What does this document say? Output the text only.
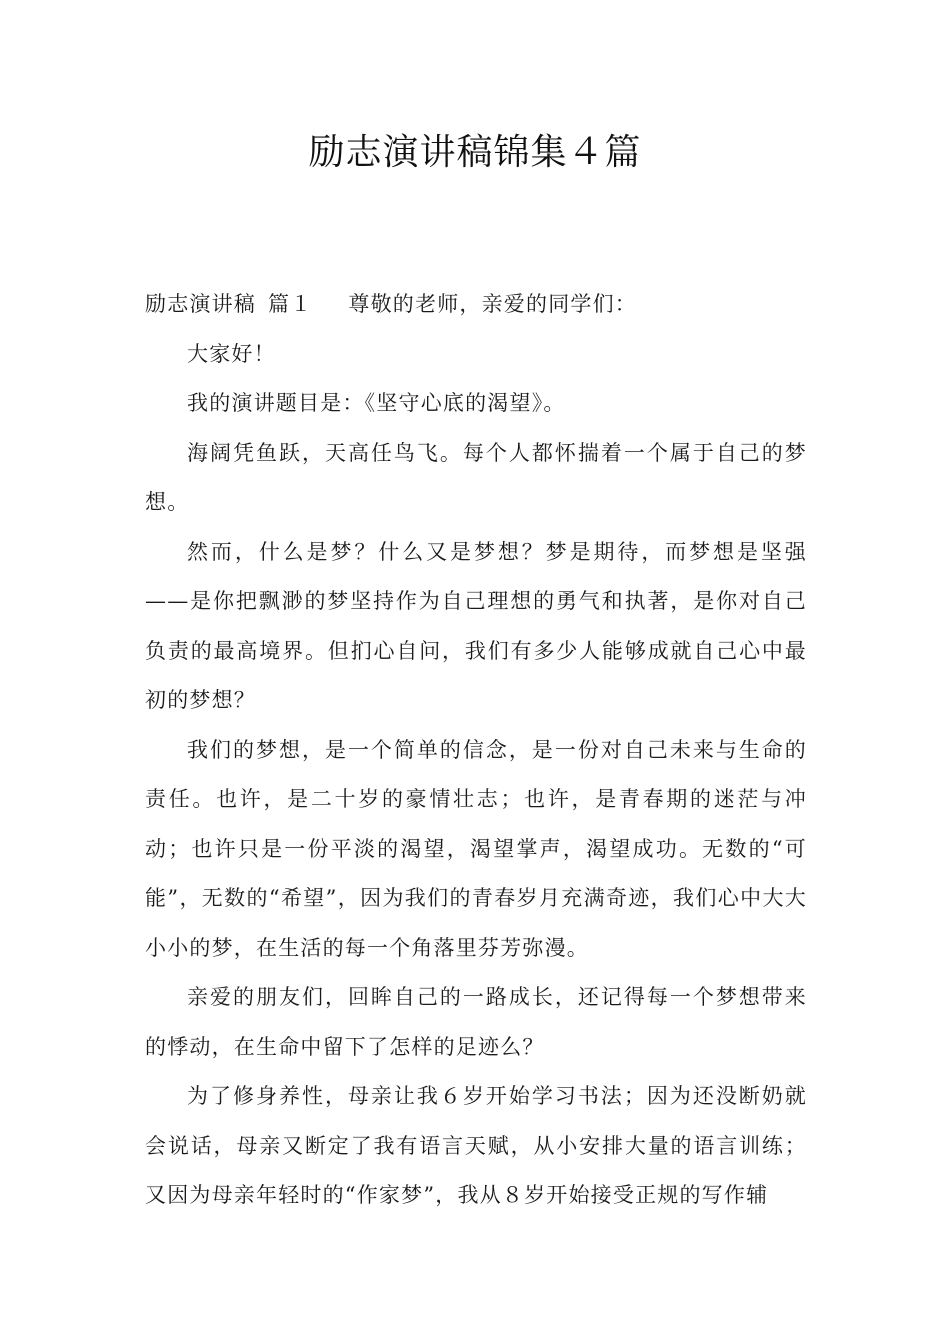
励志演讲稿锦集４篇

励志演讲稿 篇１ 尊敬的老师，亲爱的同学们：

大家好！

我的演讲题目是：《坚守心底的渴望》。

海阔凭鱼跃，天高任鸟飞。每个人都怀揣着一个属于自己的梦想。

然而，什么是梦？什么又是梦想？梦是期待，而梦想是坚强——是你把飘渺的梦坚持作为自己理想的勇气和执著，是你对自己负责的最高境界。但扪心自问，我们有多少人能够成就自己心中最初的梦想？

我们的梦想，是一个简单的信念，是一份对自己未来与生命的责任。也许，是二十岁的豪情壮志；也许，是青春期的迷茫与冲动；也许只是一份平淡的渴望，渴望掌声，渴望成功。无数的“可能”，无数的“希望”，因为我们的青春岁月充满奇迹，我们心中大大小小的梦，在生活的每一个角落里芬芳弥漫。

亲爱的朋友们，回眸自己的一路成长，还记得每一个梦想带来的悸动，在生命中留下了怎样的足迹么？

为了修身养性，母亲让我６岁开始学习书法；因为还没断奶就会说话，母亲又断定了我有语言天赋，从小安排大量的语言训练；又因为母亲年轻时的“作家梦”，我从８岁开始接受正规的写作辅
